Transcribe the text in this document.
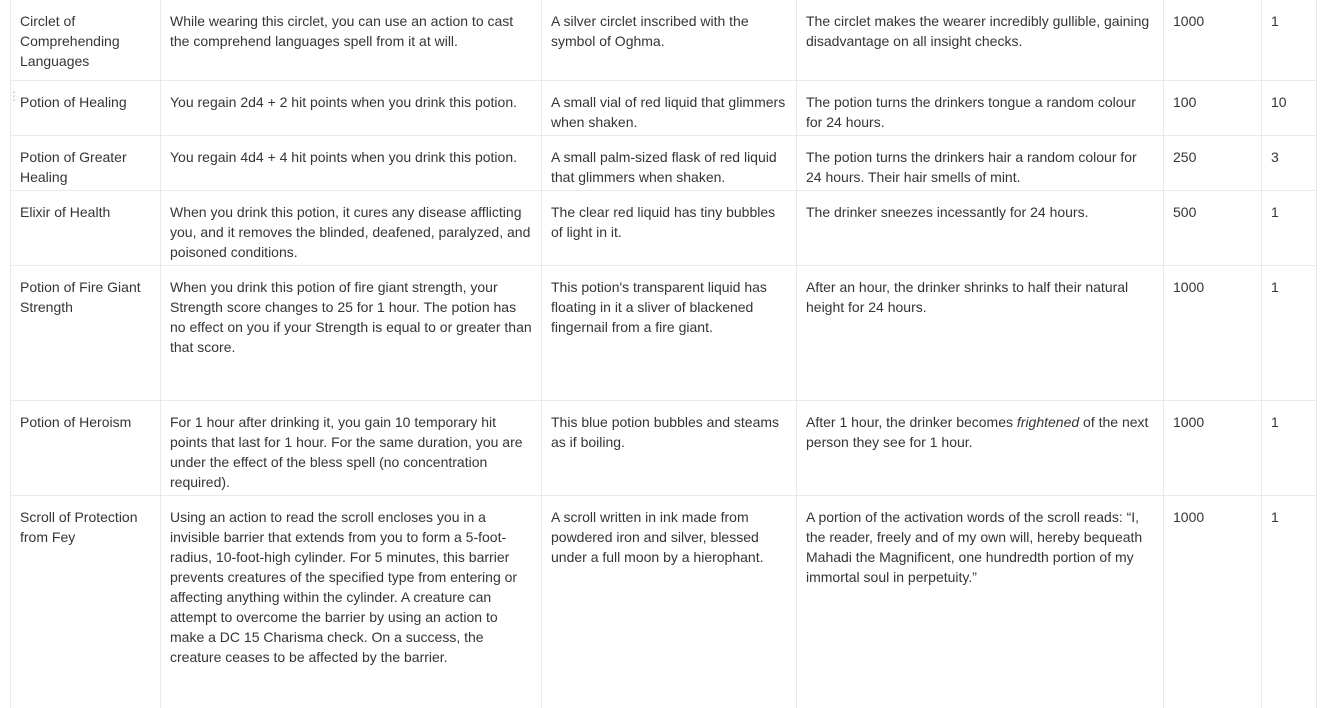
⋮
Circlet of Comprehending Languages	While wearing this circlet, you can use an action to cast the comprehend languages spell from it at will.	A silver circlet inscribed with the symbol of Oghma.	The circlet makes the wearer incredibly gullible, gaining disadvantage on all insight checks.	1000	1
Potion of Healing	You regain 2d4 + 2 hit points when you drink this potion.	A small vial of red liquid that glimmers when shaken.	The potion turns the drinkers tongue a random colour for 24 hours.	100	10
Potion of Greater Healing	You regain 4d4 + 4 hit points when you drink this potion.	A small palm-sized flask of red liquid that glimmers when shaken.	The potion turns the drinkers hair a random colour for 24 hours. Their hair smells of mint.	250	3
Elixir of Health	When you drink this potion, it cures any disease afflicting you, and it removes the blinded, deafened, paralyzed, and poisoned conditions.	The clear red liquid has tiny bubbles of light in it.	The drinker sneezes incessantly for 24 hours.	500	1
Potion of Fire Giant Strength	When you drink this potion of fire giant strength, your Strength score changes to 25 for 1 hour. The potion has no effect on you if your Strength is equal to or greater than that score.	This potion's transparent liquid has floating in it a sliver of blackened fingernail from a fire giant.	After an hour, the drinker shrinks to half their natural height for 24 hours.	1000	1
Potion of Heroism	For 1 hour after drinking it, you gain 10 temporary hit points that last for 1 hour. For the same duration, you are under the effect of the bless spell (no concentration required).	This blue potion bubbles and steams as if boiling.	After 1 hour, the drinker becomes frightened of the next person they see for 1 hour.	1000	1
Scroll of Protection from Fey	Using an action to read the scroll encloses you in a invisible barrier that extends from you to form a 5-foot-radius, 10-foot-high cylinder. For 5 minutes, this barrier prevents creatures of the specified type from entering or affecting anything within the cylinder. A creature can attempt to overcome the barrier by using an action to make a DC 15 Charisma check. On a success, the creature ceases to be affected by the barrier.	A scroll written in ink made from powdered iron and silver, blessed under a full moon by a hierophant.	A portion of the activation words of the scroll reads: “I, the reader, freely and of my own will, hereby bequeath Mahadi the Magnificent, one hundredth portion of my immortal soul in perpetuity.”	1000	1
